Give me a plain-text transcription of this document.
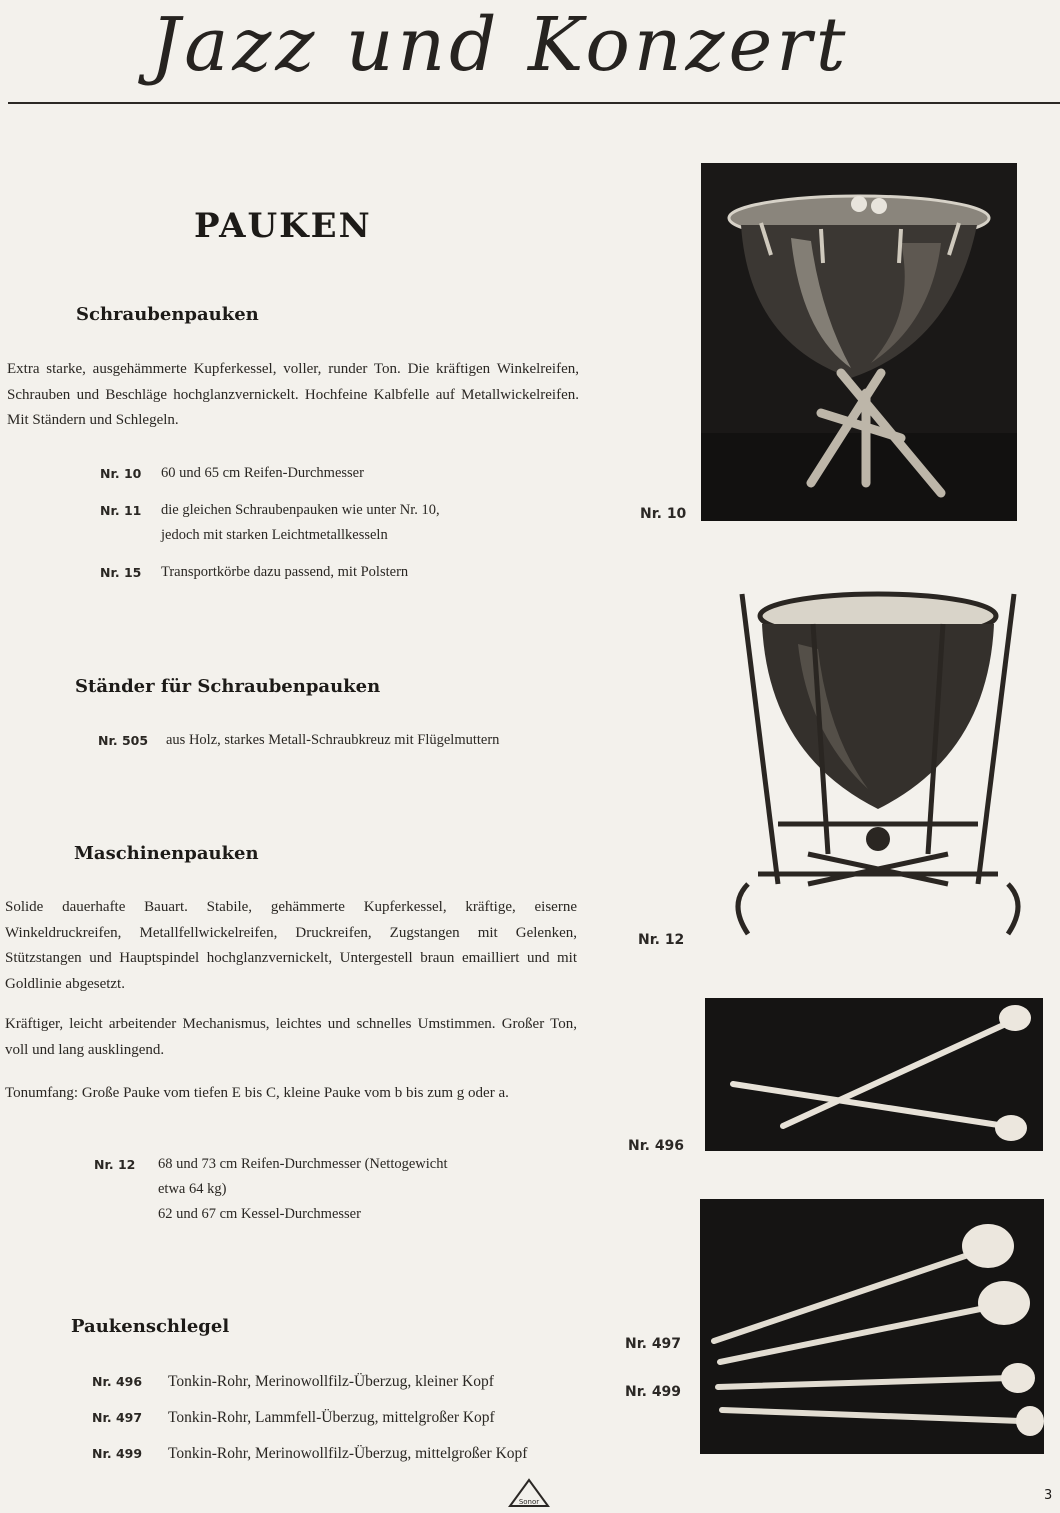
Jazz und Konzert
PAUKEN
Schraubenpauken
Extra starke, ausgehämmerte Kupferkessel, voller, runder Ton. Die kräftigen Winkelreifen, Schrauben und Beschläge hochglanzvernickelt. Hochfeine Kalbfelle auf Metallwickelreifen. Mit Ständern und Schlegeln.
Nr. 10	60 und 65 cm Reifen-Durchmesser
Nr. 11	die gleichen Schraubenpauken wie unter Nr. 10,
jedoch mit starken Leichtmetallkesseln
Nr. 15	Transportkörbe dazu passend, mit Polstern
Ständer für Schraubenpauken
Nr. 505	aus Holz, starkes Metall-Schraubkreuz mit Flügelmuttern
Maschinenpauken
Solide dauerhafte Bauart. Stabile, gehämmerte Kupferkessel, kräftige, eiserne Winkeldruckreifen, Metallfellwickelreifen, Druckreifen, Zugstangen mit Gelenken, Stützstangen und Hauptspindel hochglanzvernickelt, Untergestell braun emailliert und mit Goldlinie abgesetzt.
Kräftiger, leicht arbeitender Mechanismus, leichtes und schnelles Umstimmen. Großer Ton, voll und lang ausklingend.
Tonumfang: Große Pauke vom tiefen E bis C, kleine Pauke vom b bis zum g oder a.
Nr. 12	68 und 73 cm Reifen-Durchmesser (Nettogewicht
etwa 64 kg)
62 und 67 cm Kessel-Durchmesser
Paukenschlegel
Nr. 496	Tonkin-Rohr, Merinowollfilz-Überzug, kleiner Kopf
Nr. 497	Tonkin-Rohr, Lammfell-Überzug, mittelgroßer Kopf
Nr. 499	Tonkin-Rohr, Merinowollfilz-Überzug, mittelgroßer Kopf
Nr. 10
Nr. 12
Nr. 496
Nr. 497
Nr. 499
Sonor	3
